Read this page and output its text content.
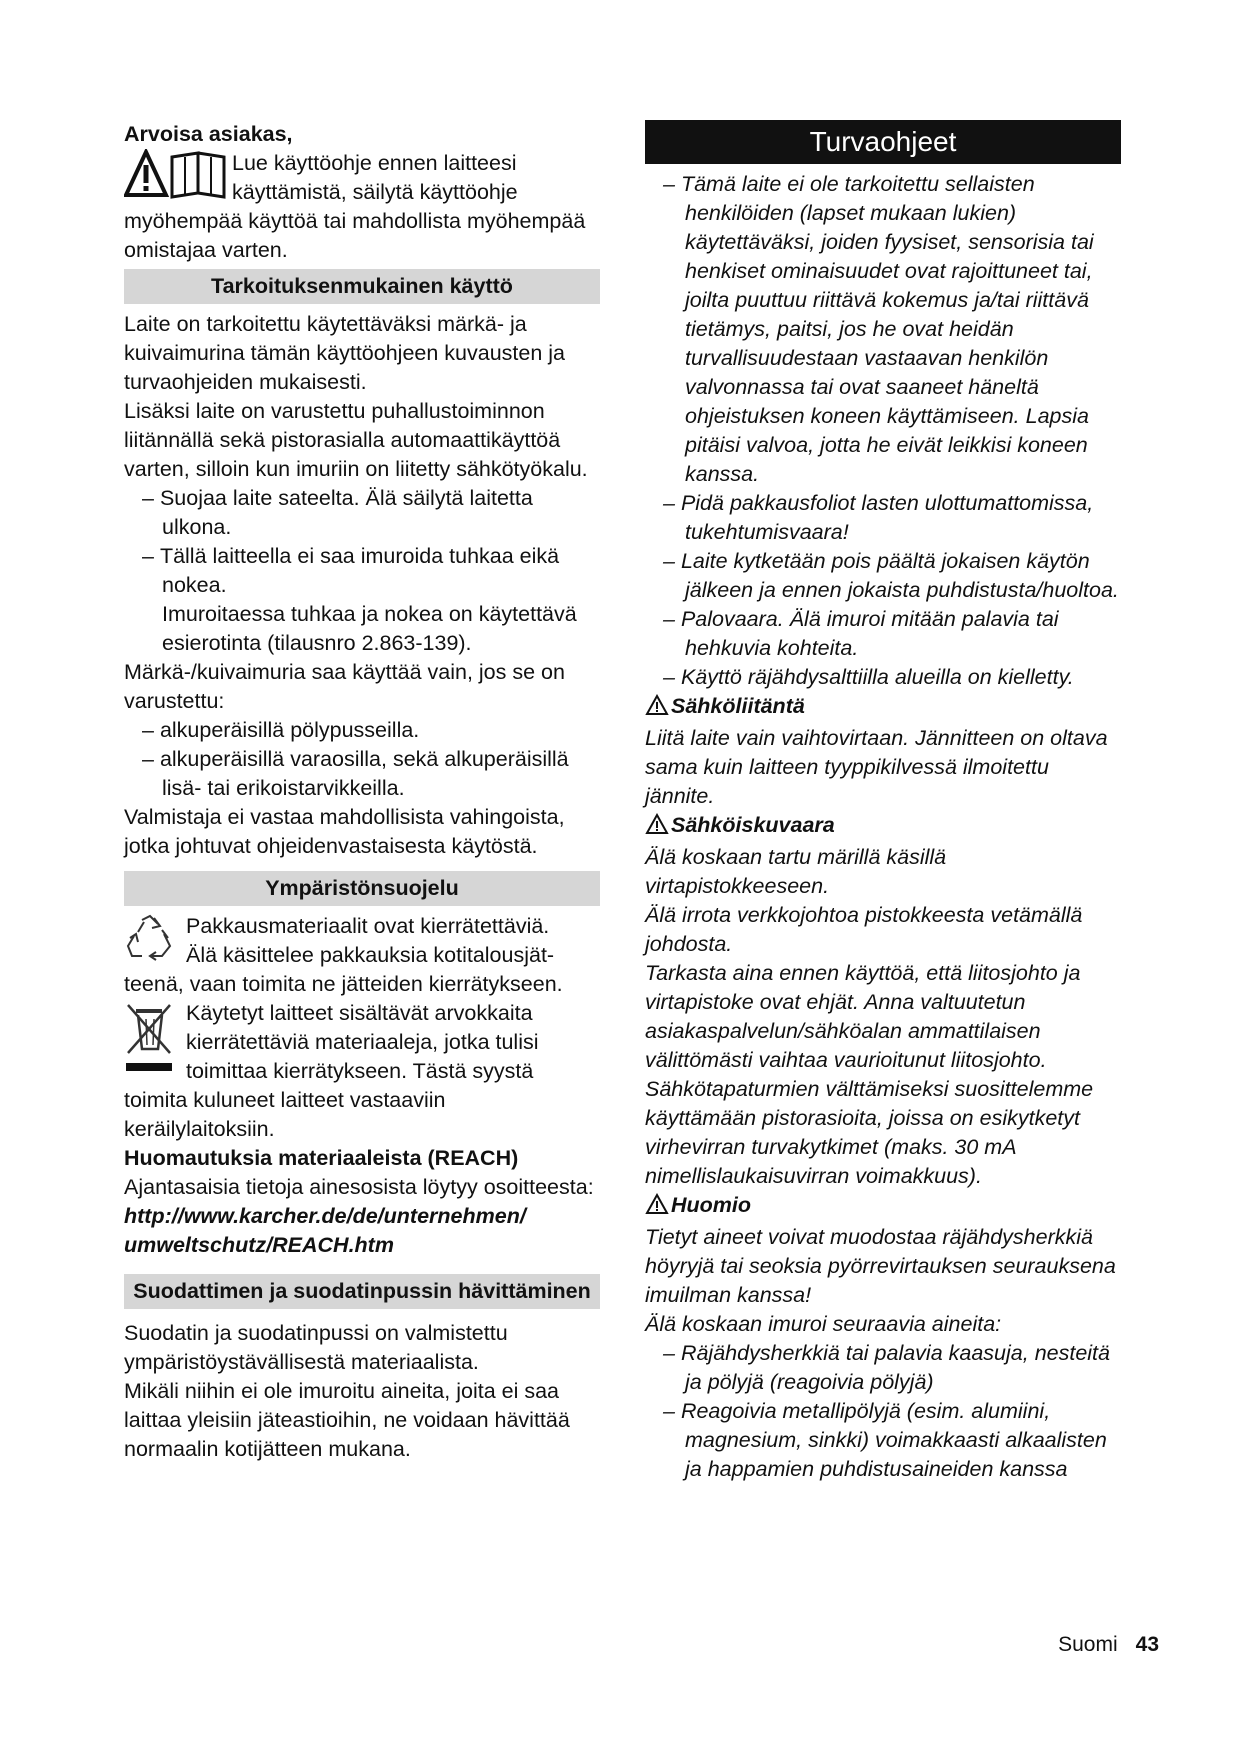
Arvoisa asiakas,

Lue käyttöohje ennen laitteesi

käyttämistä, säilytä käyttöohje

myöhempää käyttöä tai mahdollista myöhempää omistajaa varten.

Tarkoituksenmukainen käyttö

Laite on tarkoitettu käytettäväksi märkä- ja kuivaimurina tämän käyttöohjeen kuvausten ja turvaohjeiden mukaisesti.

Lisäksi laite on varustettu puhallustoiminnon liitännällä sekä pistorasialla automaattikäyttöä varten, silloin kun imuriin on liitetty sähkötyökalu.

– Suojaa laite sateelta. Älä säilytä laitetta ulkona.

– Tällä laitteella ei saa imuroida tuhkaa eikä nokea.

Imuroitaessa tuhkaa ja nokea on käytettävä esierotinta (tilausnro 2.863-139).

Märkä-/kuivaimuria saa käyttää vain, jos se on varustettu:

– alkuperäisillä pölypusseilla.

– alkuperäisillä varaosilla, sekä alkuperäisillä lisä- tai erikoistarvikkeilla.

Valmistaja ei vastaa mahdollisista vahingoista, jotka johtuvat ohjeidenvastaisesta käytöstä.

Ympäristönsuojelu

Pakkausmateriaalit ovat kierrätettäviä.

Älä käsittelee pakkauksia kotitalousjät-

teenä, vaan toimita ne jätteiden kierrätykseen.

Käytetyt laitteet sisältävät arvokkaita

kierrätettäviä materiaaleja, jotka tulisi

toimittaa kierrätykseen. Tästä syystä

toimita kuluneet laitteet vastaaviin keräilylaitoksiin.

Huomautuksia materiaaleista (REACH)

Ajantasaisia tietoja ainesosista löytyy osoitteesta:

http://www.karcher.de/de/unternehmen/

umweltschutz/REACH.htm

Suodattimen ja suodatinpussin hävittäminen

Suodatin ja suodatinpussi on valmistettu ympäristöystävällisestä materiaalista.

Mikäli niihin ei ole imuroitu aineita, joita ei saa laittaa yleisiin jäteastioihin, ne voidaan hävittää normaalin kotijätteen mukana.

Turvaohjeet

– Tämä laite ei ole tarkoitettu sellaisten henkilöiden (lapset mukaan lukien) käytettäväksi, joiden fyysiset, sensorisia tai henkiset ominaisuudet ovat rajoittuneet tai, joilta puuttuu riittävä kokemus ja/tai riittävä tietämys, paitsi, jos he ovat heidän turvallisuudestaan vastaavan henkilön valvonnassa tai ovat saaneet häneltä ohjeistuksen koneen käyttämiseen. Lapsia pitäisi valvoa, jotta he eivät leikkisi koneen kanssa.

– Pidä pakkausfoliot lasten ulottumattomissa, tukehtumisvaara!

– Laite kytketään pois päältä jokaisen käytön jälkeen ja ennen jokaista puhdistusta/huoltoa.

– Palovaara. Älä imuroi mitään palavia tai hehkuvia kohteita.

– Käyttö räjähdysalttiilla alueilla on kielletty.

Sähköliitäntä

Liitä laite vain vaihtovirtaan. Jännitteen on oltava sama kuin laitteen tyyppikilvessä ilmoitettu jännite.

Sähköiskuvaara

Älä koskaan tartu märillä käsillä virtapistokkeeseen.

Älä irrota verkkojohtoa pistokkeesta vetämällä johdosta.

Tarkasta aina ennen käyttöä, että liitosjohto ja virtapistoke ovat ehjät. Anna valtuutetun asiakaspalvelun/sähköalan ammattilaisen välittömästi vaihtaa vaurioitunut liitosjohto.

Sähkötapaturmien välttämiseksi suosittelemme käyttämään pistorasioita, joissa on esikytketyt virhevirran turvakytkimet (maks. 30 mA nimellislaukaisuvirran voimakkuus).

Huomio

Tietyt aineet voivat muodostaa räjähdysherkkiä höyryjä tai seoksia pyörrevirtauksen seurauksena imuilman kanssa!

Älä koskaan imuroi seuraavia aineita:

– Räjähdysherkkiä tai palavia kaasuja, nesteitä ja pölyjä (reagoivia pölyjä)

– Reagoivia metallipölyjä (esim. alumiini, magnesium, sinkki) voimakkaasti alkaalisten ja happamien puhdistusaineiden kanssa

Suomi 43
